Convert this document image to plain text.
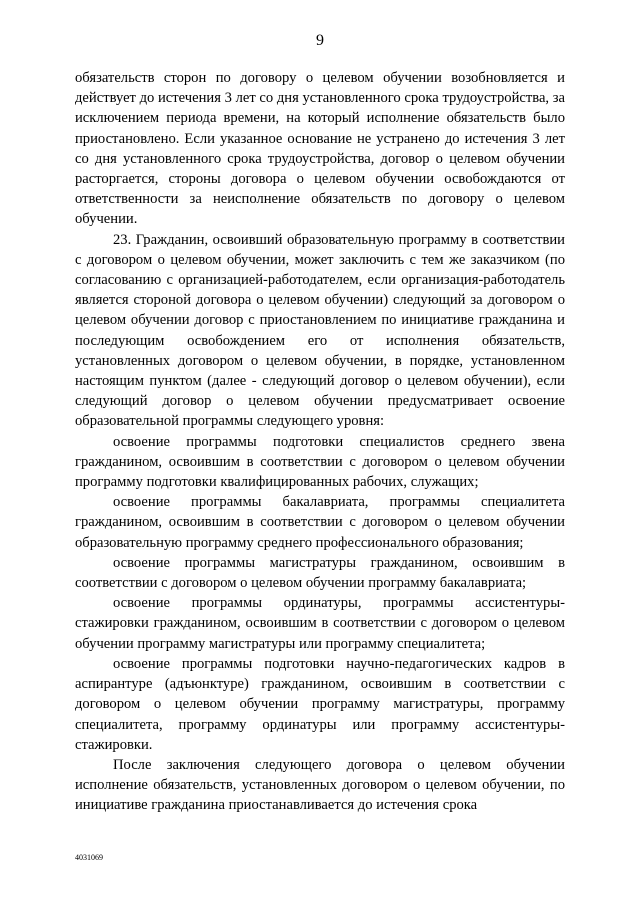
9

обязательств сторон по договору о целевом обучении возобновляется и действует до истечения 3 лет со дня установленного срока трудоустройства, за исключением периода времени, на который исполнение обязательств было приостановлено. Если указанное основание не устранено до истечения 3 лет со дня установленного срока трудоустройства, договор о целевом обучении расторгается, стороны договора о целевом обучении освобождаются от ответственности за неисполнение обязательств по договору о целевом обучении.

23. Гражданин, освоивший образовательную программу в соответствии с договором о целевом обучении, может заключить с тем же заказчиком (по согласованию с организацией-работодателем, если организация-работодатель является стороной договора о целевом обучении) следующий за договором о целевом обучении договор с приостановлением по инициативе гражданина и последующим освобождением его от исполнения обязательств, установленных договором о целевом обучении, в порядке, установленном настоящим пунктом (далее - следующий договор о целевом обучении), если следующий договор о целевом обучении предусматривает освоение образовательной программы следующего уровня:

освоение программы подготовки специалистов среднего звена гражданином, освоившим в соответствии с договором о целевом обучении программу подготовки квалифицированных рабочих, служащих;

освоение программы бакалавриата, программы специалитета гражданином, освоившим в соответствии с договором о целевом обучении образовательную программу среднего профессионального образования;

освоение программы магистратуры гражданином, освоившим в соответствии с договором о целевом обучении программу бакалавриата;

освоение программы ординатуры, программы ассистентуры-стажировки гражданином, освоившим в соответствии с договором о целевом обучении программу магистратуры или программу специалитета;

освоение программы подготовки научно-педагогических кадров в аспирантуре (адъюнктуре) гражданином, освоившим в соответствии с договором о целевом обучении программу магистратуры, программу специалитета, программу ординатуры или программу ассистентуры-стажировки.

После заключения следующего договора о целевом обучении исполнение обязательств, установленных договором о целевом обучении, по инициативе гражданина приостанавливается до истечения срока

4031069
